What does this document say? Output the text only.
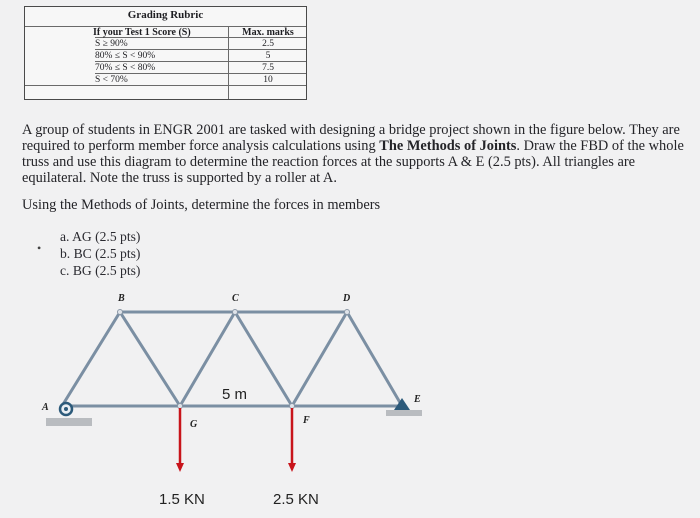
Grading Rubric
If your Test 1 Score (S)	Max. marks
S ≥ 90%	2.5
80% ≤ S < 90%	5
70% ≤ S < 80%	7.5
S < 70%	10
A group of students in ENGR 2001 are tasked with designing a bridge project shown in the figure below. They are required to perform member force analysis calculations using The Methods of Joints. Draw the FBD of the whole truss and use this diagram to determine the reaction forces at the supports A & E (2.5 pts). All triangles are equilateral. Note the truss is supported by a roller at A.
Using the Methods of Joints, determine the forces in members
•
a. AG (2.5 pts)
b. BC (2.5 pts)
c. BG (2.5 pts)
B	C	D
A
E
G	F
5 m
1.5 KN	2.5 KN
